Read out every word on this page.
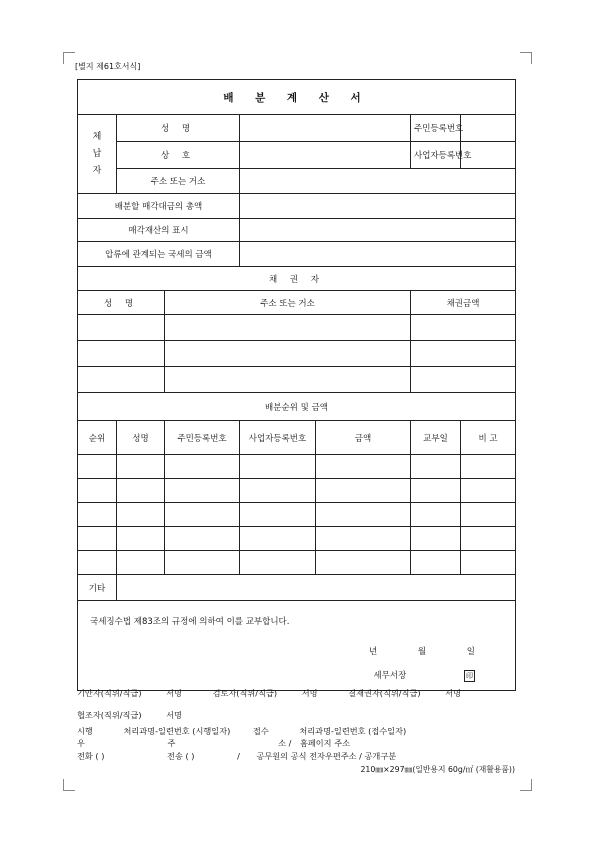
[별지 제61호서식]
배 분 계 산 서						
체
납
자	성 명				주민등록번호	
	상 호				사업자등록번호	
	주소 또는 거소					
배분할 매각대금의 총액						
매각재산의 표시						
압류에 관계되는 국세의 금액						
채 권 자						
성 명		주소 또는 거소			채권금액	

배분순위 및 금액						
순위	성명	주민등록번호	사업자등록번호	금액	교부일	비 고

기타						

국세징수법 제83조의 규정에 의하여 이를 교부합니다.
년 월 일
세무서장 印						
기안자(직위/직급)	서명	검토자(직위/직급)	서명	결재권자(직위/직급)	서명
협조자(직위/직급)	서명
시행	처리과명-일련번호 (시행일자)	접수	처리과명-일련번호 (접수일자)
우	주	소 / 홈페이지 주소
전화 ( )	전송 ( )	/ 공무원의 공식 전자우편주소 / 공개구분
210㎜×297㎜(일반용지 60g/㎡ (재활용품))
